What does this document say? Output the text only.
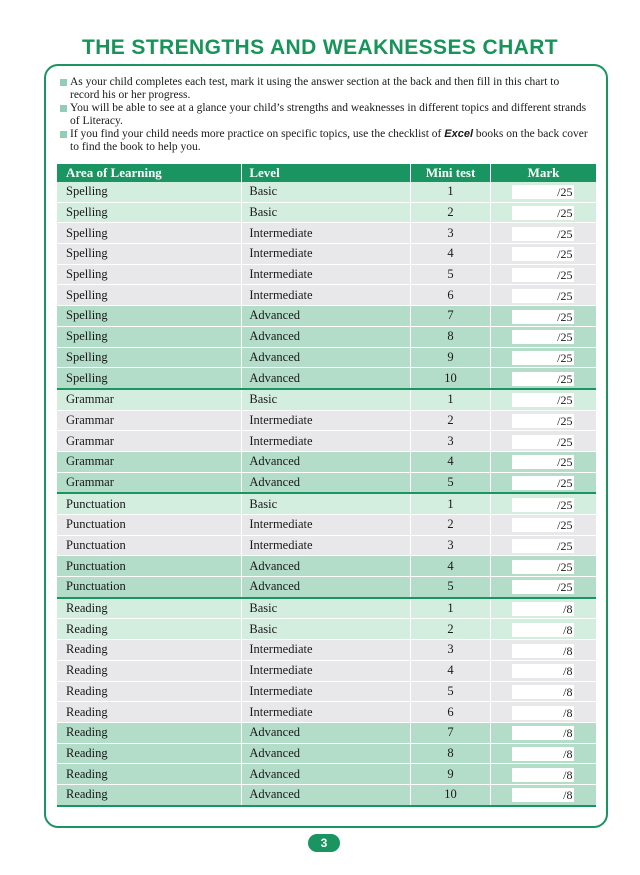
THE STRENGTHS AND WEAKNESSES CHART
As your child completes each test, mark it using the answer section at the back and then fill in this chart to record his or her progress.
You will be able to see at a glance your child’s strengths and weaknesses in different topics and different strands of Literacy.
If you find your child needs more practice on specific topics, use the checklist of Excel books on the back cover to find the book to help you.
Area of Learning	Level	Mini test	Mark
Spelling	Basic	1	/25
Spelling	Basic	2	/25
Spelling	Intermediate	3	/25
Spelling	Intermediate	4	/25
Spelling	Intermediate	5	/25
Spelling	Intermediate	6	/25
Spelling	Advanced	7	/25
Spelling	Advanced	8	/25
Spelling	Advanced	9	/25
Spelling	Advanced	10	/25
Grammar	Basic	1	/25
Grammar	Intermediate	2	/25
Grammar	Intermediate	3	/25
Grammar	Advanced	4	/25
Grammar	Advanced	5	/25
Punctuation	Basic	1	/25
Punctuation	Intermediate	2	/25
Punctuation	Intermediate	3	/25
Punctuation	Advanced	4	/25
Punctuation	Advanced	5	/25
Reading	Basic	1	/8
Reading	Basic	2	/8
Reading	Intermediate	3	/8
Reading	Intermediate	4	/8
Reading	Intermediate	5	/8
Reading	Intermediate	6	/8
Reading	Advanced	7	/8
Reading	Advanced	8	/8
Reading	Advanced	9	/8
Reading	Advanced	10	/8
3
